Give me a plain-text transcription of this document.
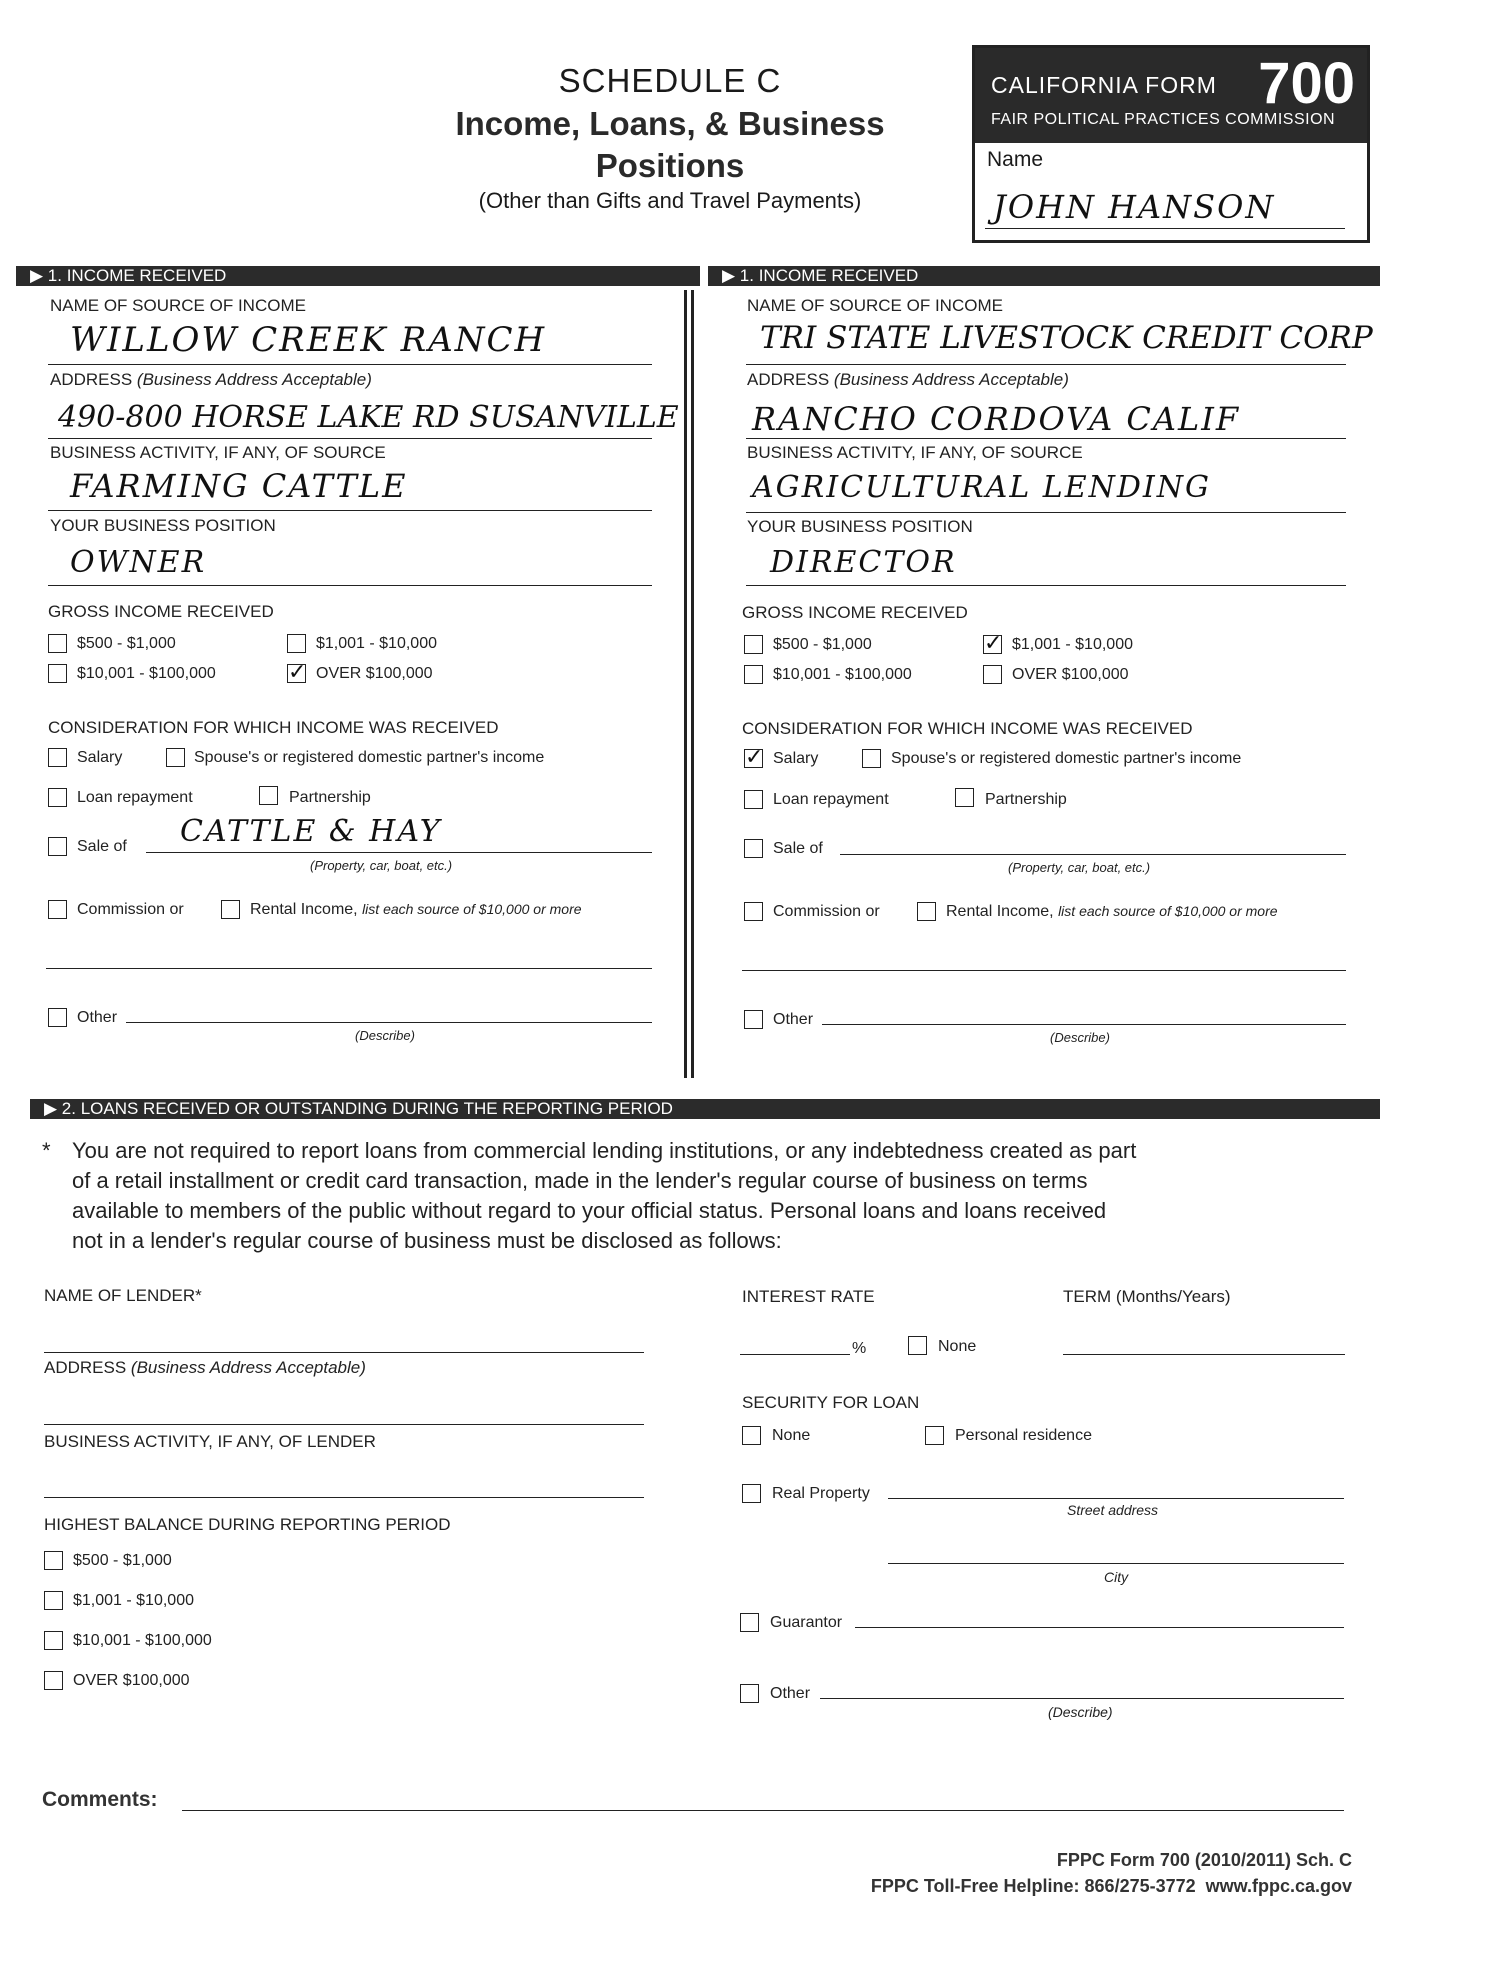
SCHEDULE C
Income, Loans, & Business
Positions
(Other than Gifts and Travel Payments)
CALIFORNIA FORM 700
FAIR POLITICAL PRACTICES COMMISSION
Name
JOHN HANSON
▶ 1. INCOME RECEIVED	▶ 1. INCOME RECEIVED
NAME OF SOURCE OF INCOME
WILLOW CREEK RANCH
ADDRESS (Business Address Acceptable)
490-800 HORSE LAKE RD SUSANVILLE
BUSINESS ACTIVITY, IF ANY, OF SOURCE
FARMING CATTLE
YOUR BUSINESS POSITION
OWNER
GROSS INCOME RECEIVED
$500 - $1,000	$1,001 - $10,000
$10,001 - $100,000 ✓	OVER $100,000
CONSIDERATION FOR WHICH INCOME WAS RECEIVED
Salary	Spouse's or registered domestic partner's income
Loan repayment	Partnership
Sale of CATTLE & HAY
(Property, car, boat, etc.)
Commission or	Rental Income, list each source of $10,000 or more
Other
(Describe)
NAME OF SOURCE OF INCOME
TRI STATE LIVESTOCK CREDIT CORP
ADDRESS (Business Address Acceptable)
RANCHO CORDOVA CALIF
BUSINESS ACTIVITY, IF ANY, OF SOURCE
AGRICULTURAL LENDING
YOUR BUSINESS POSITION
DIRECTOR
GROSS INCOME RECEIVED
$500 - $1,000 ✓	$1,001 - $10,000
$10,001 - $100,000	OVER $100,000
CONSIDERATION FOR WHICH INCOME WAS RECEIVED
✓
Salary	Spouse's or registered domestic partner's income
Loan repayment	Partnership
Sale of
(Property, car, boat, etc.)
Commission or	Rental Income, list each source of $10,000 or more
Other
(Describe)
▶ 2. LOANS RECEIVED OR OUTSTANDING DURING THE REPORTING PERIOD
* You are not required to report loans from commercial lending institutions, or any indebtedness created as part
of a retail installment or credit card transaction, made in the lender's regular course of business on terms
available to members of the public without regard to your official status. Personal loans and loans received
not in a lender's regular course of business must be disclosed as follows:
NAME OF LENDER*
ADDRESS (Business Address Acceptable)
BUSINESS ACTIVITY, IF ANY, OF LENDER
HIGHEST BALANCE DURING REPORTING PERIOD
$500 - $1,000
$1,001 - $10,000
$10,001 - $100,000
OVER $100,000
INTEREST RATE	TERM (Months/Years)
%	None
SECURITY FOR LOAN
None	Personal residence
Real Property
Street address
City
Guarantor
Other
(Describe)
Comments:
FPPC Form 700 (2010/2011) Sch. C
FPPC Toll-Free Helpline: 866/275-3772  www.fppc.ca.gov
